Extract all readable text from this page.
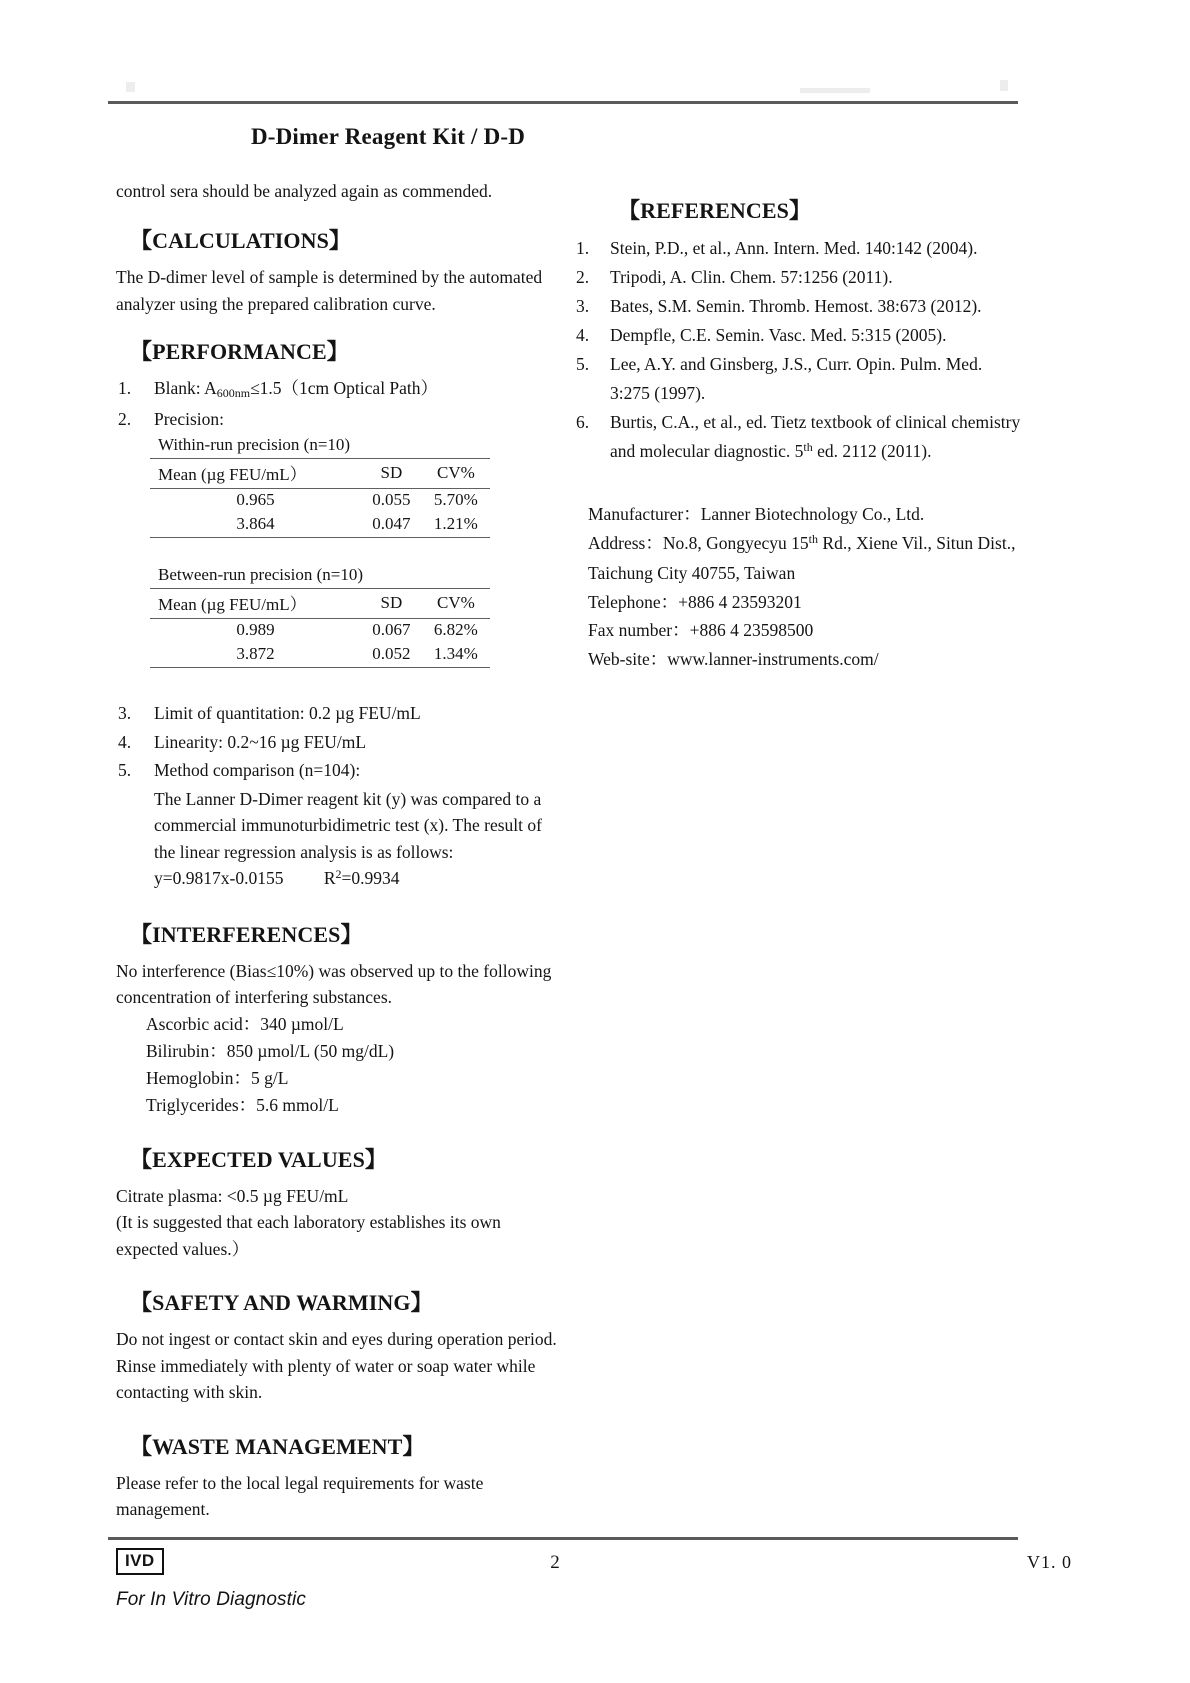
D-Dimer Reagent Kit / D-D
control sera should be analyzed again as commended.
【CALCULATIONS】

The D-dimer level of sample is determined by the automated analyzer using the prepared calibration curve.

【PERFORMANCE】
1. Blank: $A_{600nm}\le 1.5(1cm$ Optical Path）
2. Precision:
Within-run precision (n=10)		
Mean (µg FEU/mL）	SD	CV%
0.965	0.055	5.70%
3.864	0.047	1.21%
Between-run precision (n=10)		
Mean (µg FEU/mL）	SD	CV%
0.989	0.067	6.82%
3.872	0.052	1.34%
3. Limit of quantitation: 0.2 µg FEU/mL
4. Linearity: 0.2~16 µg FEU/mL
5. Method comparison (n=104):
The Lanner D-Dimer reagent kit (y) was compared to a
commercial immunoturbidimetric test (x). The result of
the linear regression analysis is as follows:
y=0.9817x-0.0155 $R^2=0.9934$
【INTERFERENCES】

No interference (Bias≤10%) was observed up to the following

concentration of interfering substances.

Ascorbic acid：340 µmol/L
Bilirubin：850 µmol/L (50 mg/dL)
Hemoglobin：5 g/L
Triglycerides：5.6 mmol/L
【EXPECTED VALUES】

Citrate plasma: <0.5 µg FEU/mL

(It is suggested that each laboratory establishes its own

expected values.）

【SAFETY AND WARMING】

Do not ingest or contact skin and eyes during operation period.

Rinse immediately with plenty of water or soap water while

contacting with skin.

【WASTE MANAGEMENT】

Please refer to the local legal requirements for waste

management.

【REFERENCES】
1. Stein, P.D., et al., Ann. Intern. Med. 140:142 (2004).
2. Tripodi, A. Clin. Chem. 57:1256 (2011).
3. Bates, S.M. Semin. Thromb. Hemost. 38:673 (2012).
4. Dempfle, C.E. Semin. Vasc. Med. 5:315 (2005).
5. Lee, A.Y. and Ginsberg, J.S., Curr. Opin. Pulm. Med. 3:275 (1997).
6. Burtis, C.A., et al., ed. Tietz textbook of clinical chemistry and molecular diagnostic. 5th ed. 2112 (2011).
Manufacturer：Lanner Biotechnology Co., Ltd.
Address：No.8, Gongyecyu 15th Rd., Xiene Vil., Situn Dist.,
Taichung City 40755, Taiwan
Telephone：+886 4 23593201
Fax number：+886 4 23598500
Web-site：www.lanner-instruments.com/
IVD
For In Vitro Diagnostic
2	V1. 0
